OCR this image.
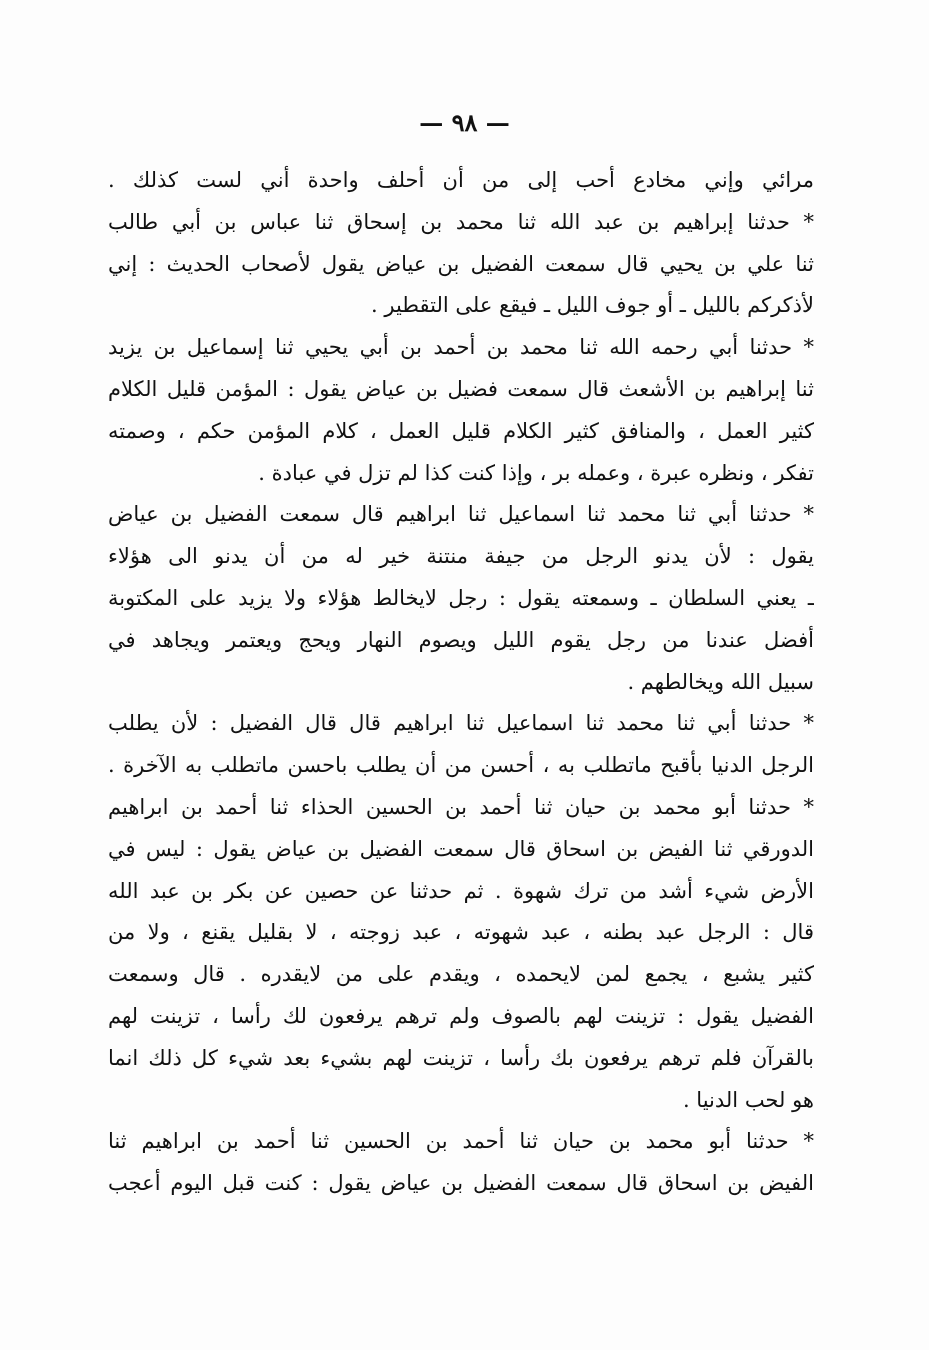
— ٩٨ —
مرائي وإني مخادع أحب إلى من أن أحلف واحدة أني لست كذلك .
* حدثنا إبراهيم بن عبد الله ثنا محمد بن إسحاق ثنا عباس بن أبي طالب
ثنا علي بن يحيي قال سمعت الفضيل بن عياض يقول لأصحاب الحديث : إني
لأذكركم بالليل ـ أو جوف الليل ـ فيقع على التقطير .
* حدثنا أبي رحمه الله ثنا محمد بن أحمد بن أبي يحيي ثنا إسماعيل بن يزيد
ثنا إبراهيم بن الأشعث قال سمعت فضيل بن عياض يقول : المؤمن قليل الكلام
كثير العمل ، والمنافق كثير الكلام قليل العمل ، كلام المؤمن حكم ، وصمته
تفكر ، ونظره عبرة ، وعمله بر ، وإذا كنت كذا لم تزل في عبادة .
* حدثنا أبي ثنا محمد ثنا اسماعيل ثنا ابراهيم قال سمعت الفضيل بن عياض
يقول : لأن يدنو الرجل من جيفة منتنة خير له من أن يدنو الى هؤلاء
ـ يعني السلطان ـ وسمعته يقول : رجل لايخالط هؤلاء ولا يزيد على المكتوبة
أفضل عندنا من رجل يقوم الليل ويصوم النهار ويحج ويعتمر ويجاهد في
سبيل الله ويخالطهم .
* حدثنا أبي ثنا محمد ثنا اسماعيل ثنا ابراهيم قال قال الفضيل : لأن يطلب
الرجل الدنيا بأقبح ماتطلب به ، أحسن من أن يطلب باحسن ماتطلب به الآخرة .
* حدثنا أبو محمد بن حيان ثنا أحمد بن الحسين الحذاء ثنا أحمد بن ابراهيم
الدورقي ثنا الفيض بن اسحاق قال سمعت الفضيل بن عياض يقول : ليس في
الأرض شيء أشد من ترك شهوة . ثم حدثنا عن حصين عن بكر بن عبد الله
قال : الرجل عبد بطنه ، عبد شهوته ، عبد زوجته ، لا بقليل يقنع ، ولا من
كثير يشبع ، يجمع لمن لايحمده ، ويقدم على من لايقدره . قال وسمعت
الفضيل يقول : تزينت لهم بالصوف ولم ترهم يرفعون لك رأسا ، تزينت لهم
بالقرآن فلم ترهم يرفعون بك رأسا ، تزينت لهم بشيء بعد شيء كل ذلك انما
هو لحب الدنيا .
* حدثنا أبو محمد بن حيان ثنا أحمد بن الحسين ثنا أحمد بن ابراهيم ثنا
الفيض بن اسحاق قال سمعت الفضيل بن عياض يقول : كنت قبل اليوم أعجب
